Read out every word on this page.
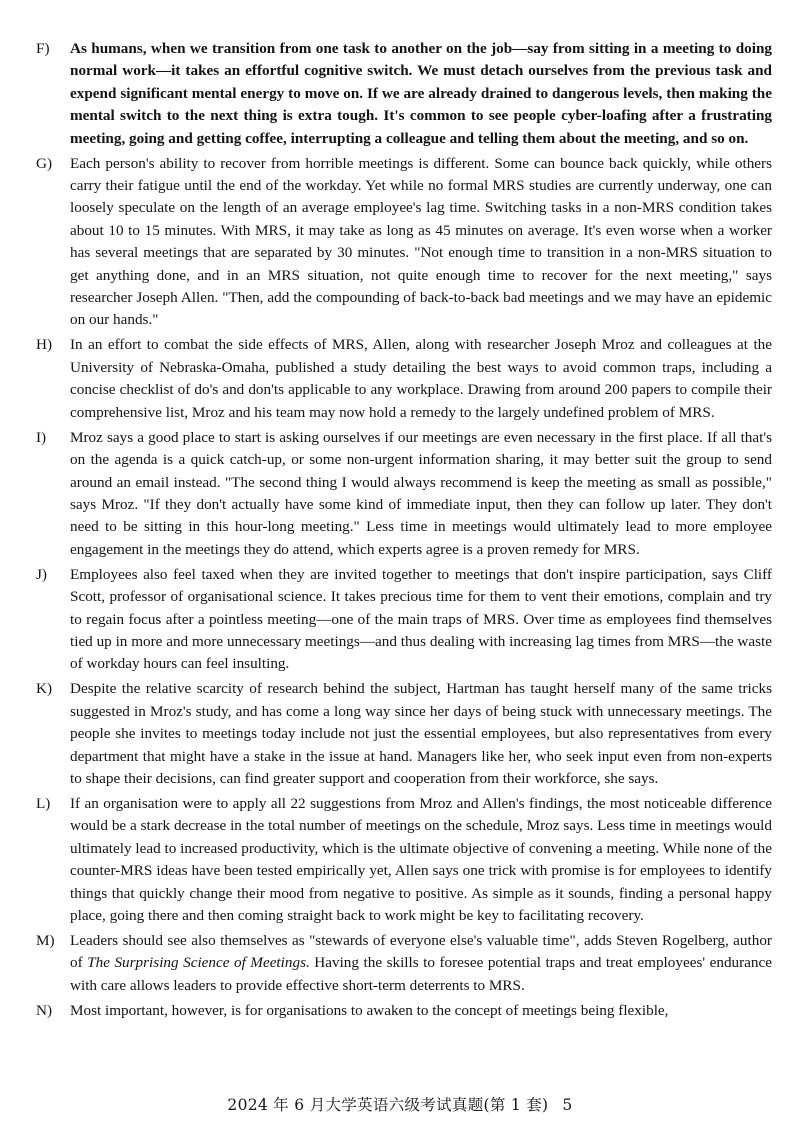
F)	As humans, when we transition from one task to another on the job—say from sitting in a meeting to doing normal work—it takes an effortful cognitive switch. We must detach ourselves from the previous task and expend significant mental energy to move on. If we are already drained to dangerous levels, then making the mental switch to the next thing is extra tough. It's common to see people cyber-loafing after a frustrating meeting, going and getting coffee, interrupting a colleague and telling them about the meeting, and so on.
G)	Each person's ability to recover from horrible meetings is different. Some can bounce back quickly, while others carry their fatigue until the end of the workday. Yet while no formal MRS studies are currently underway, one can loosely speculate on the length of an average employee's lag time. Switching tasks in a non-MRS condition takes about 10 to 15 minutes. With MRS, it may take as long as 45 minutes on average. It's even worse when a worker has several meetings that are separated by 30 minutes. "Not enough time to transition in a non-MRS situation to get anything done, and in an MRS situation, not quite enough time to recover for the next meeting," says researcher Joseph Allen. "Then, add the compounding of back-to-back bad meetings and we may have an epidemic on our hands."
H)	In an effort to combat the side effects of MRS, Allen, along with researcher Joseph Mroz and colleagues at the University of Nebraska-Omaha, published a study detailing the best ways to avoid common traps, including a concise checklist of do's and don'ts applicable to any workplace. Drawing from around 200 papers to compile their comprehensive list, Mroz and his team may now hold a remedy to the largely undefined problem of MRS.
I)	Mroz says a good place to start is asking ourselves if our meetings are even necessary in the first place. If all that's on the agenda is a quick catch-up, or some non-urgent information sharing, it may better suit the group to send around an email instead. "The second thing I would always recommend is keep the meeting as small as possible," says Mroz. "If they don't actually have some kind of immediate input, then they can follow up later. They don't need to be sitting in this hour-long meeting." Less time in meetings would ultimately lead to more employee engagement in the meetings they do attend, which experts agree is a proven remedy for MRS.
J)	Employees also feel taxed when they are invited together to meetings that don't inspire participation, says Cliff Scott, professor of organisational science. It takes precious time for them to vent their emotions, complain and try to regain focus after a pointless meeting—one of the main traps of MRS. Over time as employees find themselves tied up in more and more unnecessary meetings—and thus dealing with increasing lag times from MRS—the waste of workday hours can feel insulting.
K)	Despite the relative scarcity of research behind the subject, Hartman has taught herself many of the same tricks suggested in Mroz's study, and has come a long way since her days of being stuck with unnecessary meetings. The people she invites to meetings today include not just the essential employees, but also representatives from every department that might have a stake in the issue at hand. Managers like her, who seek input even from non-experts to shape their decisions, can find greater support and cooperation from their workforce, she says.
L)	If an organisation were to apply all 22 suggestions from Mroz and Allen's findings, the most noticeable difference would be a stark decrease in the total number of meetings on the schedule, Mroz says. Less time in meetings would ultimately lead to increased productivity, which is the ultimate objective of convening a meeting. While none of the counter-MRS ideas have been tested empirically yet, Allen says one trick with promise is for employees to identify things that quickly change their mood from negative to positive. As simple as it sounds, finding a personal happy place, going there and then coming straight back to work might be key to facilitating recovery.
M)	Leaders should see also themselves as "stewards of everyone else's valuable time", adds Steven Rogelberg, author of The Surprising Science of Meetings. Having the skills to foresee potential traps and treat employees' endurance with care allows leaders to provide effective short-term deterrents to MRS.
N)	Most important, however, is for organisations to awaken to the concept of meetings being flexible,
2024 年 6 月大学英语六级考试真题(第 1 套) 5
